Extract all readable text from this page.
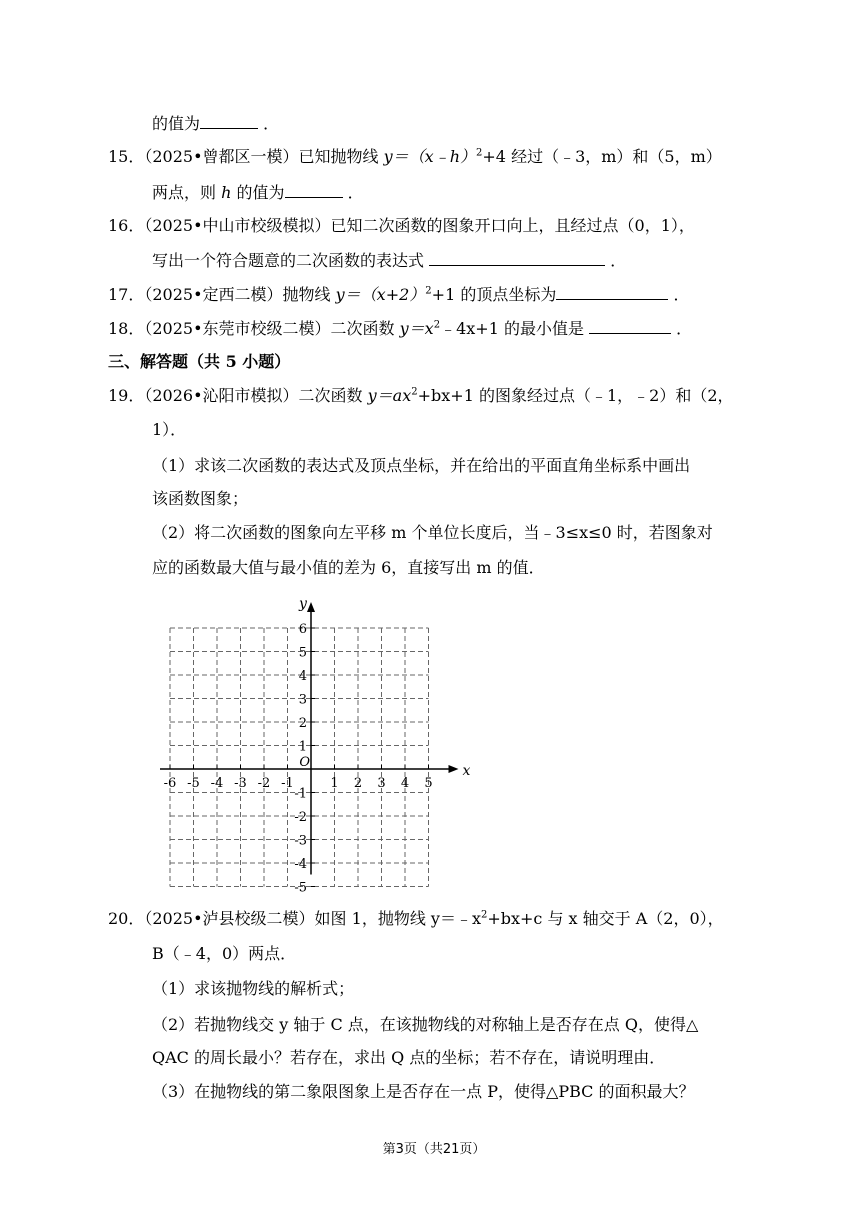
的值为	．
15．（2025•曾都区一模）已知抛物线 y＝（x﹣h）$^2$+4 经过（﹣3，m）和（5，m）
两点，则 h 的值为	．
16．（2025•中山市校级模拟）已知二次函数的图象开口向上，且经过点（0，1），
写出一个符合题意的二次函数的表达式	．
17．（2025•定西二模）抛物线 $y=(x+2)^2+1$ 的顶点坐标为	．
18．（2025•东莞市校级二模）二次函数 $y=x^2﹣4x+1$ 的最小值是	．
三、解答题（共 5 小题）
19．（2026•沁阳市模拟）二次函数 $y=ax^2+bx+1$ 的图象经过点（﹣1，﹣2）和（2，
1）．
（1）求该二次函数的表达式及顶点坐标，并在给出的平面直角坐标系中画出
该函数图象；
（2）将二次函数的图象向左平移 m 个单位长度后，当﹣3≤x≤0 时，若图象对
应的函数最大值与最小值的差为 6，直接写出 m 的值．
-6 -5 -4 -3 -2 -1	1 2 3 4 5
6
5
4
3
2
1
-1
-2
-3
-4
-5
O
x
y
20．（2025•泸县校级二模）如图 1，抛物线 $y=﹣x^2+bx+c$ 与 x 轴交于 A（2，0），
B（﹣4，0）两点．
（1）求该抛物线的解析式；
（2）若抛物线交 y 轴于 C 点，在该抛物线的对称轴上是否存在点 Q，使得△
QAC 的周长最小？若存在，求出 Q 点的坐标；若不存在，请说明理由．
（3）在抛物线的第二象限图象上是否存在一点 P，使得△PBC 的面积最大？
第3页（共21页）
